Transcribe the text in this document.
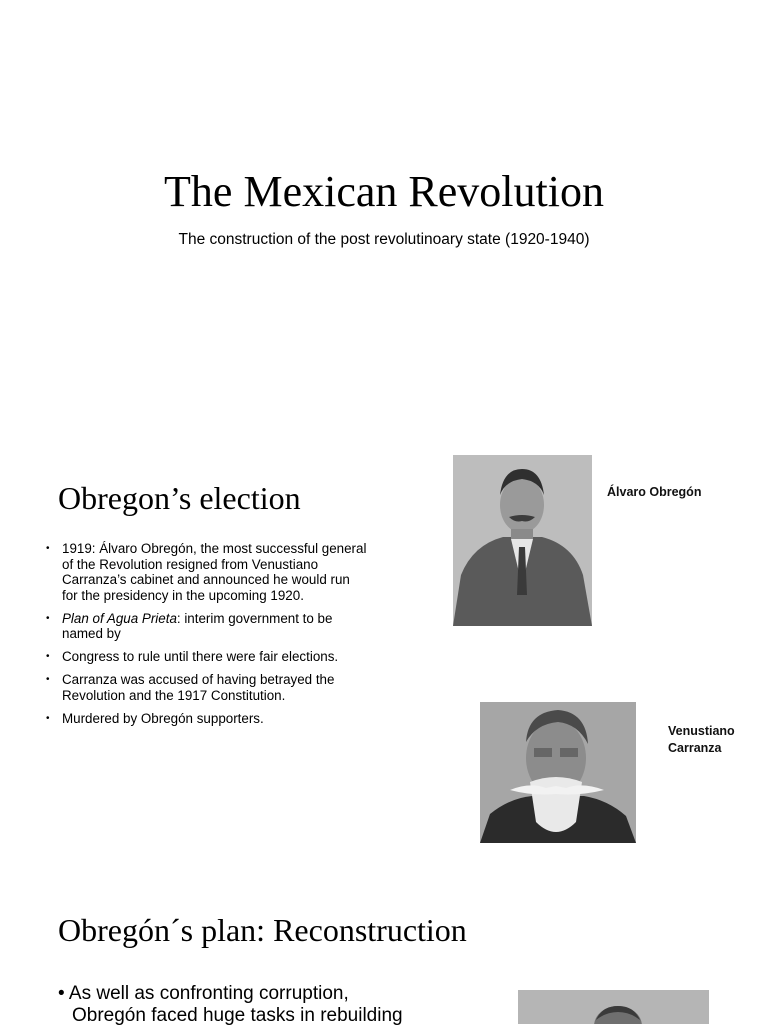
The Mexican Revolution
The construction of the post revolutinoary state (1920-1940)
Obregon’s election
• 1919: Álvaro Obregón, the most successful general of the Revolution resigned from Venustiano Carranza’s cabinet and announced he would run for the presidency in the upcoming 1920.
• Plan of Agua Prieta: interim government to be named by
• Congress to rule until there were fair elections.
• Carranza was accused of having betrayed the Revolution and the 1917 Constitution.
• Murdered by Obregón supporters.
Álvaro Obregón
Venustiano
Carranza
Obregón´s plan: Reconstruction
• As well as confronting corruption,
Obregón faced huge tasks in rebuilding
